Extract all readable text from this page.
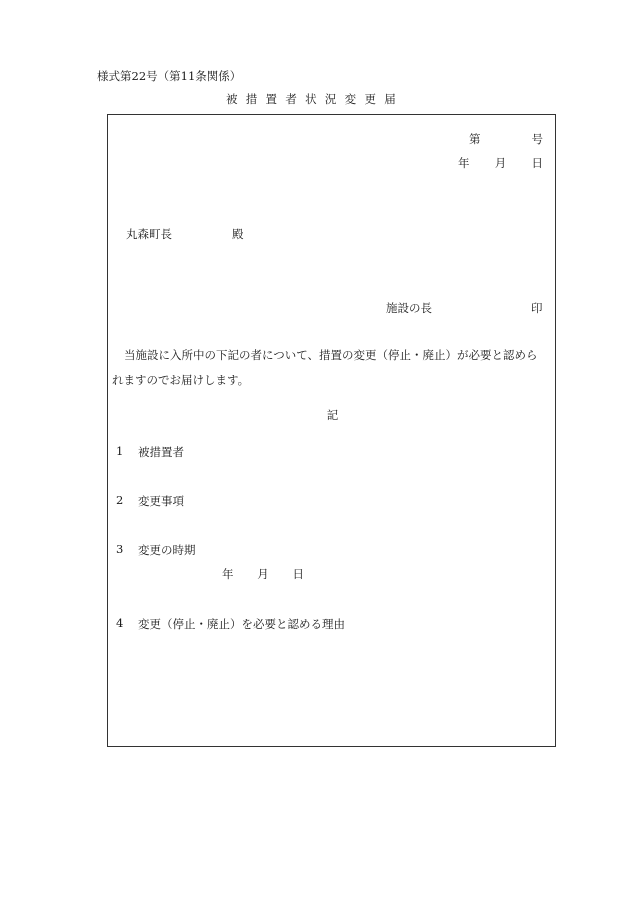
様式第22号（第11条関係）
被措置者状況変更届
第	号
年 月 日
丸森町長	殿
施設の長	印
当施設に入所中の下記の者について、措置の変更（停止・廃止）が必要と認めら
れますのでお届けします。
記
1 被措置者
2 変更事項
3 変更の時期
年 月 日
4 変更（停止・廃止）を必要と認める理由
